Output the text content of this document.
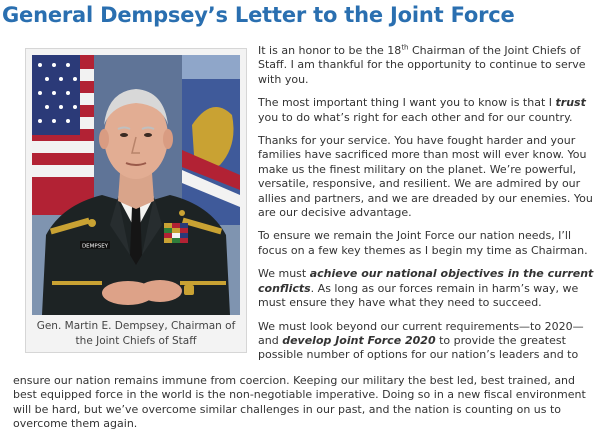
General Dempsey’s Letter to the Joint Force
DEMPSEY

Gen. Martin E. Dempsey, Chairman of the Joint Chiefs of Staff

It is an honor to be the 18th Chairman of the Joint Chiefs of Staff. I am thankful for the opportunity to continue to serve with you.

The most important thing I want you to know is that I trust you to do what’s right for each other and for our country.

Thanks for your service. You have fought harder and your families have sacrificed more than most will ever know. You make us the finest military on the planet. We’re powerful, versatile, responsive, and resilient. We are admired by our allies and partners, and we are dreaded by our enemies. You are our decisive advantage.

To ensure we remain the Joint Force our nation needs, I’ll focus on a few key themes as I begin my time as Chairman.

We must achieve our national objectives in the current conflicts. As long as our forces remain in harm’s way, we must ensure they have what they need to succeed.

We must look beyond our current requirements—to 2020—and develop Joint Force 2020 to provide the greatest possible number of options for our nation’s leaders and to

ensure our nation remains immune from coercion. Keeping our military the best led, best trained, and best equipped force in the world is the non-negotiable imperative. Doing so in a new fiscal environment will be hard, but we’ve overcome similar challenges in our past, and the nation is counting on us to overcome them again.
